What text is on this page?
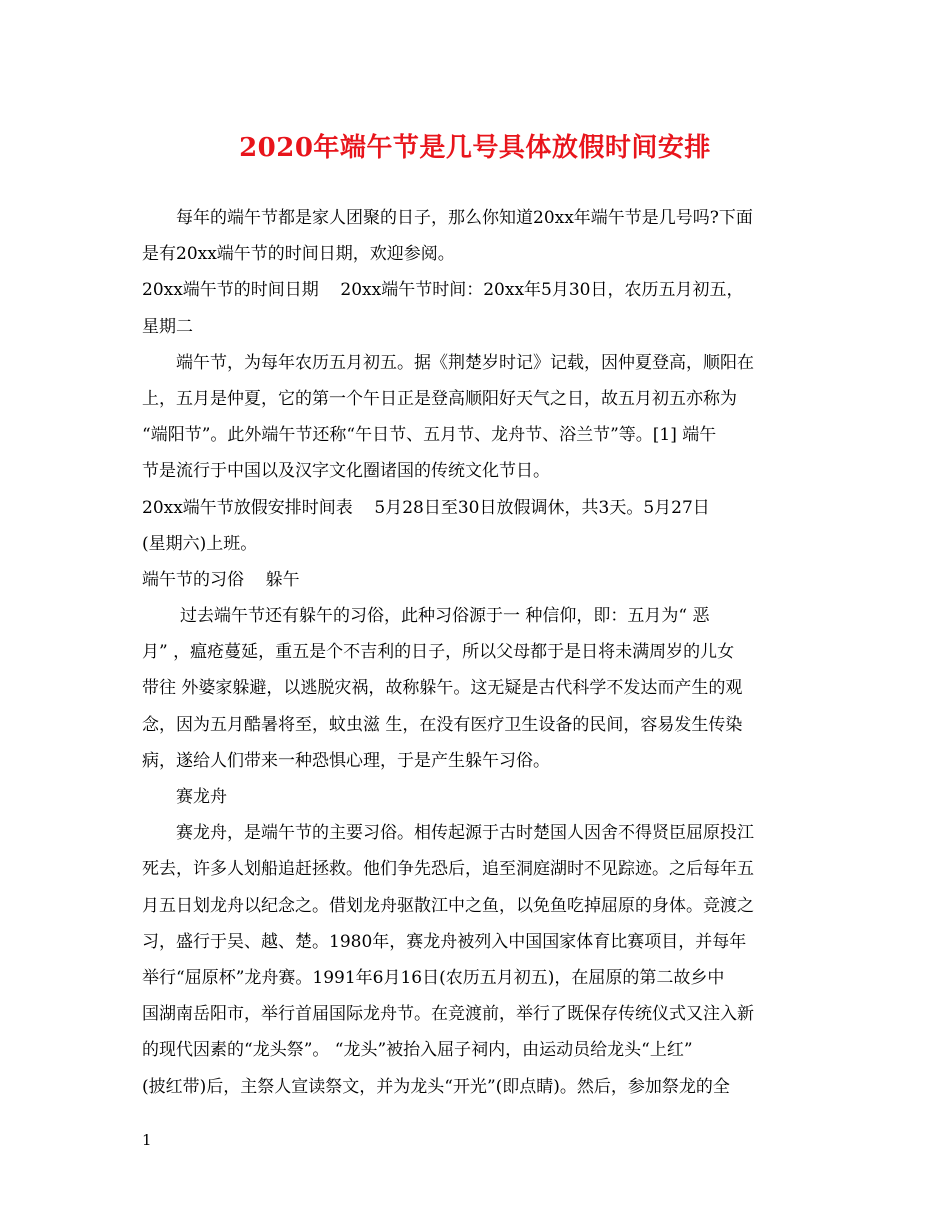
2020年端午节是几号具体放假时间安排
每年的端午节都是家人团聚的日子，那么你知道20xx年端午节是几号吗?下面
是有20xx端午节的时间日期，欢迎参阅。
20xx端午节的时间日期    20xx端午节时间：20xx年5月30日，农历五月初五，
星期二
端午节，为每年农历五月初五。据《荆楚岁时记》记载，因仲夏登高，顺阳在
上，五月是仲夏，它的第一个午日正是登高顺阳好天气之日，故五月初五亦称为
“端阳节”。此外端午节还称“午日节、五月节、龙舟节、浴兰节”等。[1] 端午
节是流行于中国以及汉字文化圈诸国的传统文化节日。
20xx端午节放假安排时间表    5月28日至30日放假调休，共3天。5月27日
(星期六)上班。
端午节的习俗    躲午
过去端午节还有躲午的习俗，此种习俗源于一 种信仰，即：五月为“ 恶
月” ，瘟疮蔓延，重五是个不吉利的日子，所以父母都于是日将未满周岁的儿女
带往 外婆家躲避，以逃脱灾祸，故称躲午。这无疑是古代科学不发达而产生的观
念，因为五月酷暑将至，蚊虫滋 生，在没有医疗卫生设备的民间，容易发生传染
病，遂给人们带来一种恐惧心理，于是产生躲午习俗。
赛龙舟
赛龙舟，是端午节的主要习俗。相传起源于古时楚国人因舍不得贤臣屈原投江
死去，许多人划船追赶拯救。他们争先恐后，追至洞庭湖时不见踪迹。之后每年五
月五日划龙舟以纪念之。借划龙舟驱散江中之鱼，以免鱼吃掉屈原的身体。竞渡之
习，盛行于吴、越、楚。1980年，赛龙舟被列入中国国家体育比赛项目，并每年
举行“屈原杯”龙舟赛。1991年6月16日(农历五月初五)，在屈原的第二故乡中
国湖南岳阳市，举行首届国际龙舟节。在竞渡前，举行了既保存传统仪式又注入新
的现代因素的“龙头祭”。 “龙头”被抬入屈子祠内，由运动员给龙头“上红”
(披红带)后，主祭人宣读祭文，并为龙头“开光”(即点睛)。然后，参加祭龙的全
1
